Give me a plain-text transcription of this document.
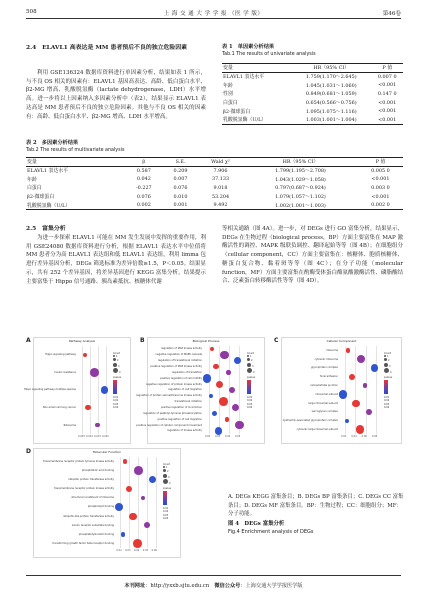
508	上 海 交 通 大 学 学 报 （医 学 版）	第46卷
2.4　ELAVL1 高表达是 MM 患者预后不良的独立危险因素
利用 GSE136324 数据库资料进行单因素分析，结果如表 1 所示，与不良 OS 相关的因素有：ELAVL1 基因高表达、高龄、低白蛋白水平、β2-MG 增高、乳酸脱氢酶（lactate dehydrogenase，LDH）水平增高。进一步将以上因素纳入多因素分析中（表2），结果显示 ELAVL1 表达高是 MM 患者预后不良的独立危险因素。其他与不良 OS 相关的因素有：高龄、低白蛋白水平、β2-MG 增高、LDH 水平增高。
表 1　单因素分析结果
Tab.1 The results of univariate analysis
变量	HR（95% CI）	P 值
ELAVL1 表达水平	1.759(1.170～2.645)	0.007 0
年龄	1.045(1.031～1.060)	<0.001
性别	0.849(0.681～1.059)	0.147 0
白蛋白	0.654(0.566～0.756)	<0.001
β2-微球蛋白	1.095(1.075～1.116)	<0.001
乳酸脱氢酶（U/L）	1.003(1.001～1.004)	<0.001
表 2　多因素分析结果
Tab.2 The results of multivariate analysis
变量	β	S.E.	Wald χ²	HR（95% CI）	P 值
ELAVL1 表达水平	0.587	0.209	7.906	1.799(1.195～2.708)	0.005 0
年龄	0.042	0.007	37.133	1.043(1.029～1.058)	<0.001
白蛋白	-0.227	0.076	9.018	0.797(0.687～0.924)	0.003 0
β2-微球蛋白	0.076	0.010	53.204	1.079(1.057～1.102)	<0.001
乳酸脱氢酶（U/L）	0.002	0.001	9.492	1.002(1.001～1.003)	0.002 0
2.5　富集分析
为进一步探索 ELAVL1 可能在 MM 发生发展中发挥的重要作用，利用 GSE24080 数据库资料进行分析，根据 ELAVL1 表达水平中位值将 MM 患者分为高 ELAVL1 表达组和低 ELAVL1 表达组，利用 limma 包进行差异基因分析，DEGs 筛选标准为差异倍数≥1.5，P＜0.05。结果显示，共有 252 个差异基因，将差异基因进行 KEGG 富集分析，结果提示主要富集于 Hippo 信号通路、胰岛素抵抗、核糖体代谢
等相关通路（图 4A）。进一步，对 DEGs 进行 GO 富集分析，结果显示，DEGs 在生物过程（biological process，BP）方面主要富集在 MAP 激酶活性的调控、MAPK 级联负调控、翻译起始等等（图 4B）；在细胞组分（cellular component，CC）方面主要富集在：核糖体、胞质核糖体、糖蛋白复合物、黏着斑等等（图 4C）；在分子功能（molecular function，MF）方面主要富集在酌酶受体蛋白酪氨酸激酶活性、磷脂酸结合、泛素蛋白转移酶活性等等（图 4D）。
A	Pathway Analysis
0.005 0.010 0.015 0.020
Hippo signaling pathway
Insulin resistance
Hippo signaling pathway-multiple species
Non-small cell lung cancer
Ribosome
Count
1
2
3
4
pvalue
0.01
0.02
0.03
0.04
B	Biological Process
0.02 0.03 0.04 0.05
regulation of MAP kinase activity
negative regulation of MAPK cascade
regulation of translational initiation
positive regulation of MAP kinase activity
regulation of translation
positive regulation of cell motility
negative regulation of protein kinase activity
regulation of cell migration
regulation of protein serine/threonine kinase activity
translational initiation
positive regulation of locomotion
regulation of peptidyl-tyrosine phosphorylation
positive regulation of cell migration
positive regulation of cellular component movement
regulation of kinase activity
Count
1
2
3
4
pvalue
0.01
0.02
0.03
0.04
C	Cellular Component
0.02 0.04 0.06 0.08
ribosome
cytosolic ribosome
glycoprotein complex
focal adhesion
cell-substrate junction
ribosomal subunit
large ribosomal subunit
sarcoglycan complex
dystrophin-associated glycoprotein complex
cytosolic large ribosomal subunit
Count
1
2
3
4
pvalue
0.01
0.02
0.03
0.04
D	Molecular Function
0.02 0.03 0.04 0.05 0.06
transmembrane receptor protein tyrosine kinase activity
phosphatidic acid binding
ubiquitin protein transferase activity
transmembrane receptor protein kinase activity
structural constituent of ribosome
phospholipid binding
ubiquitin-like protein transferase activity
insulin receptor substrate binding
phosphatidylinositol binding
transforming growth factor beta receptor binding
Count
1
2
3
4
pvalue
0.01
0.02
0.03
0.04
A. DEGs KEGG 富集条目；B. DEGs BP 富集条目；C. DEGs CC 富集条目；D. DEGs MF 富集条目。BP：生物过程；CC：细胞组分；MF：分子功能。
图 4　DEGs 富集分析
Fig.4 Enrichment analysis of DEGs
本刊网址：http://yxxb.sjtu.edu.cn　微信公众号：上海交通大学学报医学版
